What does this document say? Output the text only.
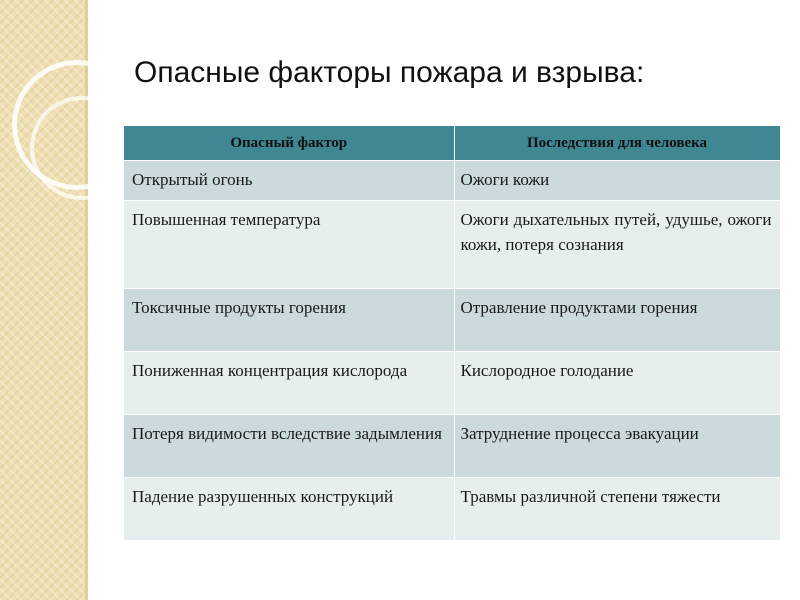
Опасные факторы пожара и взрыва:
Опасный фактор	Последствия для человека
Открытый огонь	Ожоги кожи
Повышенная температура	Ожоги дыхательных путей, удушье, ожоги кожи, потеря сознания
Токсичные продукты горения	Отравление продуктами горения
Пониженная концентрация кислорода	Кислородное голодание
Потеря видимости вследствие задымления	Затруднение процесса эвакуации
Падение разрушенных конструкций	Травмы различной степени тяжести
